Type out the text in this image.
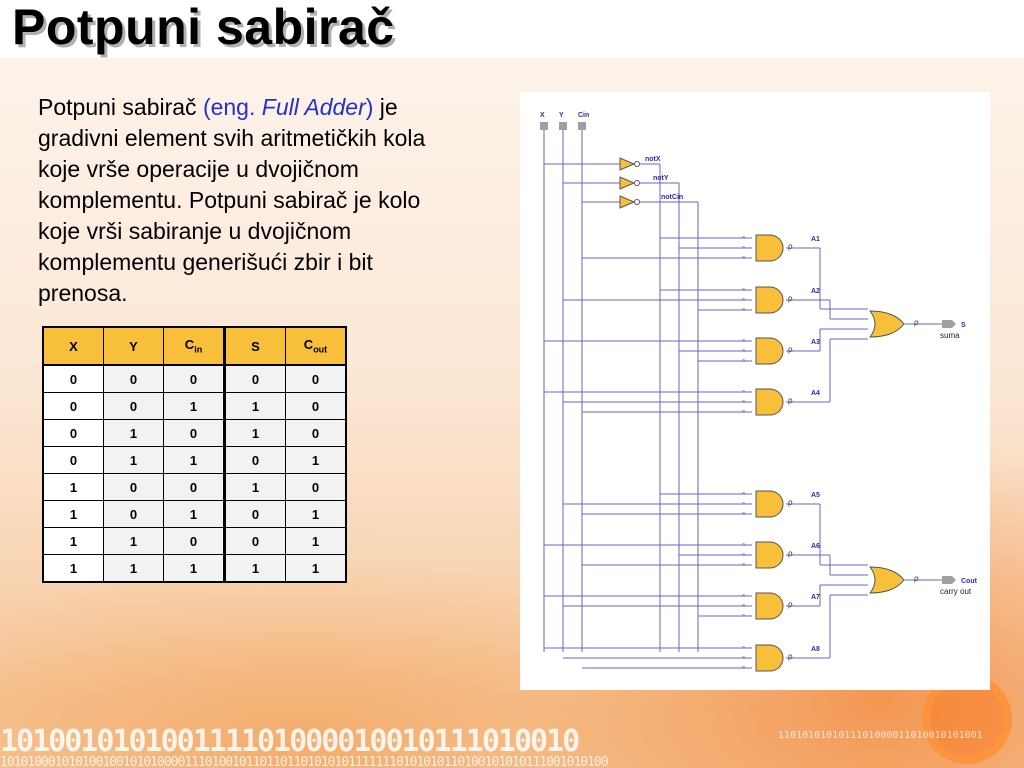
101001010100111101000010010111010010	1101010101011101000011010010101001
10101000101010010010101000011101001011011011010101011111110101010110100101010111001010100
Potpuni sabirač
Potpuni sabirač (eng. Full Adder) je gradivni element svih aritmetičkih kola koje vrše operacije u dvojičnom komplementu. Potpuni sabirač je kolo koje vrši sabiranje u dvojičnom komplementu generišući zbir i bit prenosa.
X	Y	$C_{in}$	S	$C_{out}$
0	0	0	0	0
0	0	1	1	0
0	1	0	1	0
0	1	1	0	1
1	0	0	1	0
1	0	1	0	1
1	1	0	0	1
1	1	1	1	1
X Y Cin
notX
notY
notCin
▫
▫
▫
ρ
A1
▫
▫
▫
ρ
A2
▫
▫
▫
ρ
A3
▫
▫
▫
ρ
A4
▫
▫
▫
ρ
A5
▫
▫
▫
ρ
A6
▫
▫
▫
ρ
A7
▫
▫
▫
ρ
A8
ρ	S
suma
ρ	Cout
carry out
